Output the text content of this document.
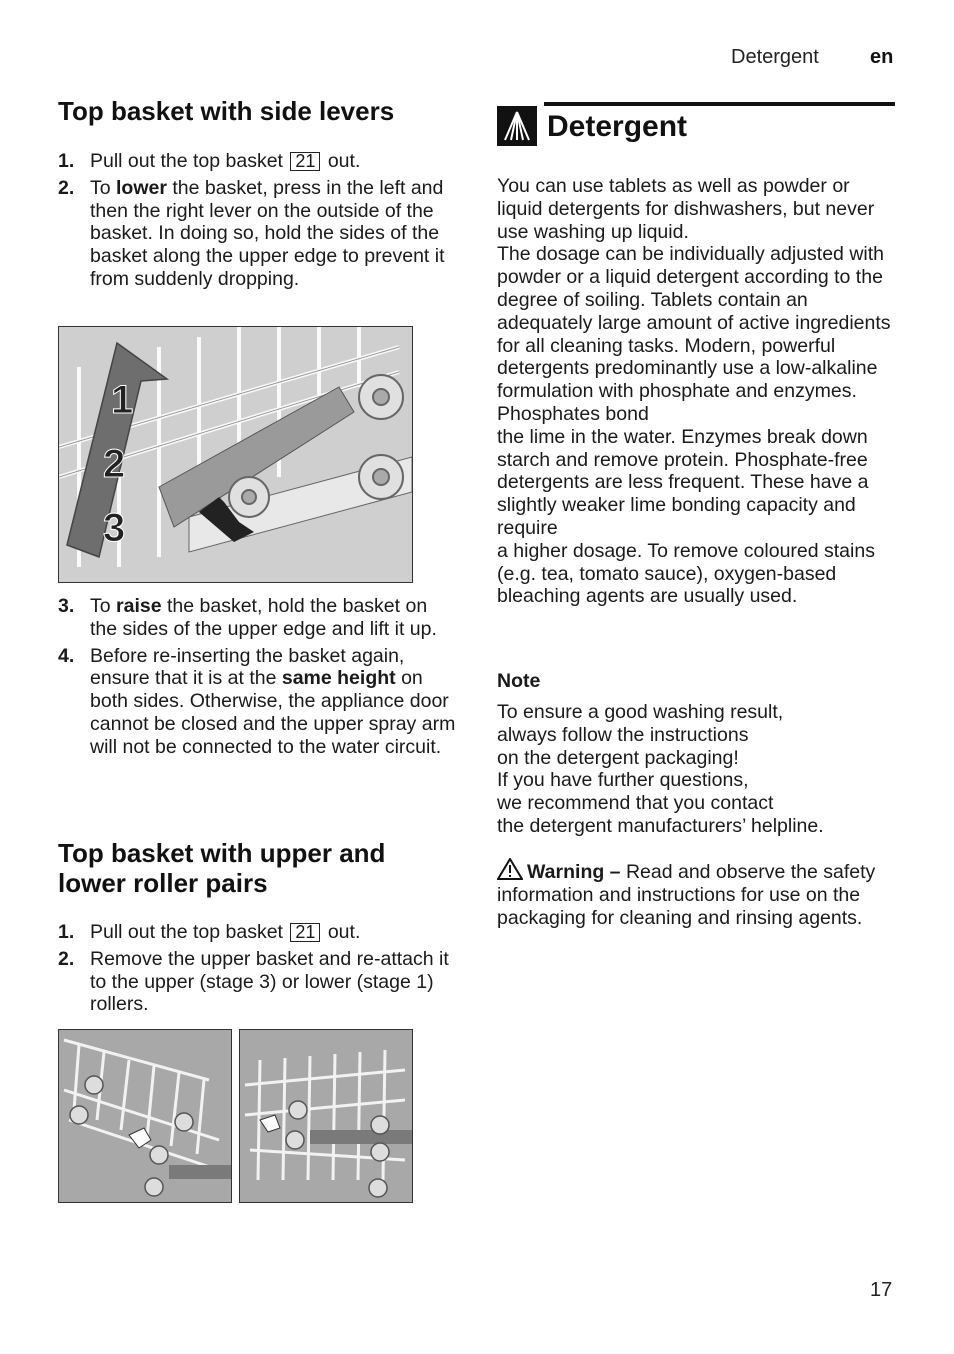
Detergent	en
Top basket with side levers
1. Pull out the top basket 21 out.
2. To lower the basket, press in the left and then the right lever on the outside of the basket. In doing so, hold the sides of the basket along the upper edge to prevent it from suddenly dropping.
1
2
3
3. To raise the basket, hold the basket on the sides of the upper edge and lift it up.
4. Before re-inserting the basket again, ensure that it is at the same height on both sides. Otherwise, the appliance door cannot be closed and the upper spray arm will not be connected to the water circuit.
Top basket with upper and lower roller pairs
1. Pull out the top basket 21 out.
2. Remove the upper basket and re-attach it to the upper (stage 3) or lower (stage 1) rollers.
Detergent

You can use tablets as well as powder or liquid detergents for dishwashers, but never use washing up liquid.

The dosage can be individually adjusted with powder or a liquid detergent according to the degree of soiling. Tablets contain an adequately large amount of active ingredients

for all cleaning tasks. Modern, powerful detergents predominantly use a low-alkaline formulation with phosphate and enzymes. Phosphates bond

the lime in the water. Enzymes break down starch and remove protein. Phosphate-free detergents are less frequent. These have a slightly weaker lime bonding capacity and require

a higher dosage. To remove coloured stains (e.g. tea, tomato sauce), oxygen-based bleaching agents are usually used.

Note

To ensure a good washing result, always follow the instructions

on the detergent packaging!

If you have further questions,

we recommend that you contact

the detergent manufacturers’ helpline.

Warning – Read and observe the safety information and instructions for use on the packaging for cleaning and rinsing agents.

17
